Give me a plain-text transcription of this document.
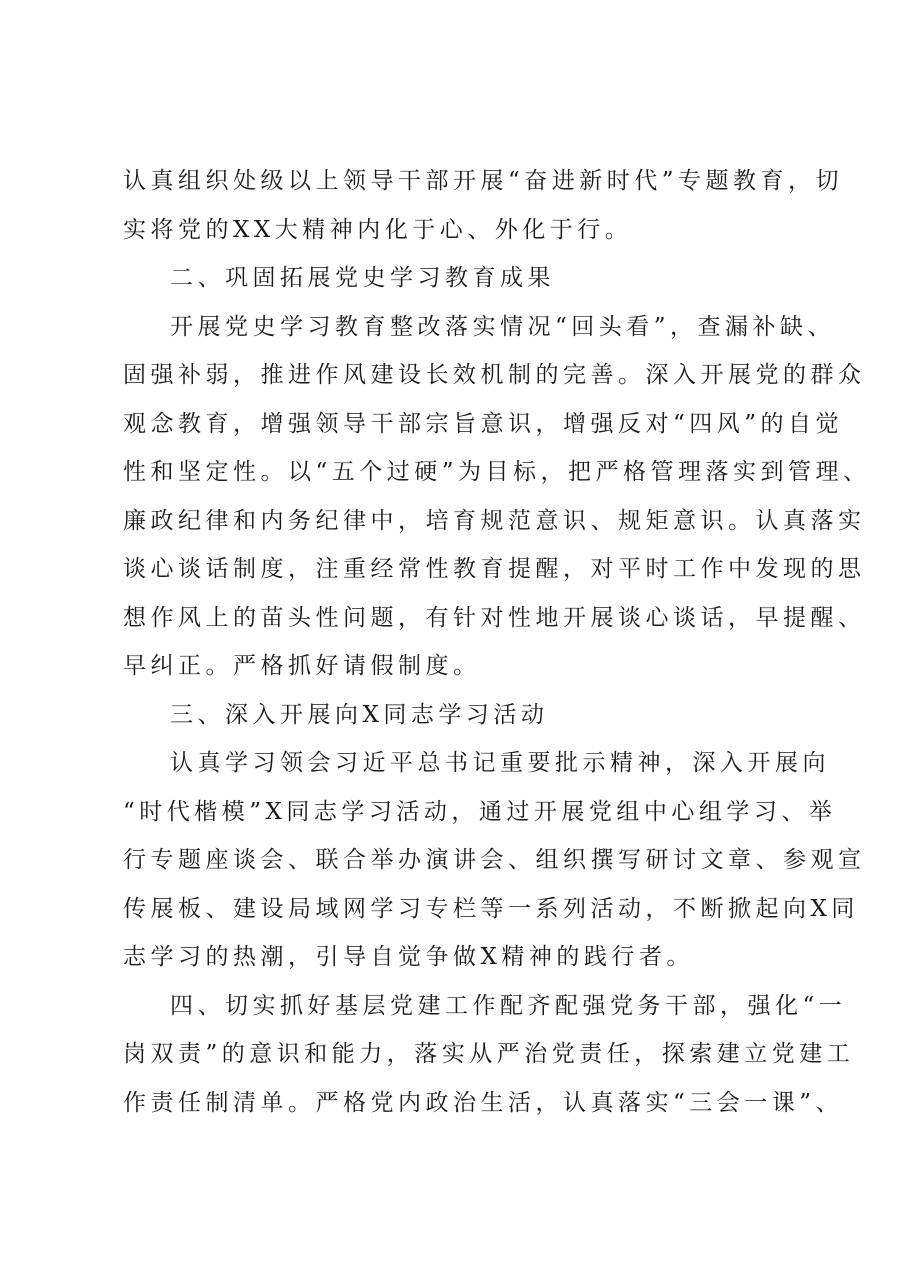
认真组织处级以上领导干部开展“奋进新时代”专题教育，切
实将党的XX大精神内化于心、外化于行。
二、巩固拓展党史学习教育成果
开展党史学习教育整改落实情况“回头看”，查漏补缺、
固强补弱，推进作风建设长效机制的完善。深入开展党的群众
观念教育，增强领导干部宗旨意识，增强反对“四风”的自觉
性和坚定性。以“五个过硬”为目标，把严格管理落实到管理、
廉政纪律和内务纪律中，培育规范意识、规矩意识。认真落实
谈心谈话制度，注重经常性教育提醒，对平时工作中发现的思
想作风上的苗头性问题，有针对性地开展谈心谈话，早提醒、
早纠正。严格抓好请假制度。
三、深入开展向X同志学习活动
认真学习领会习近平总书记重要批示精神，深入开展向
“时代楷模”X同志学习活动，通过开展党组中心组学习、举
行专题座谈会、联合举办演讲会、组织撰写研讨文章、参观宣
传展板、建设局域网学习专栏等一系列活动，不断掀起向X同
志学习的热潮，引导自觉争做X精神的践行者。
四、切实抓好基层党建工作配齐配强党务干部，强化“一
岗双责”的意识和能力，落实从严治党责任，探索建立党建工
作责任制清单。严格党内政治生活，认真落实“三会一课”、
